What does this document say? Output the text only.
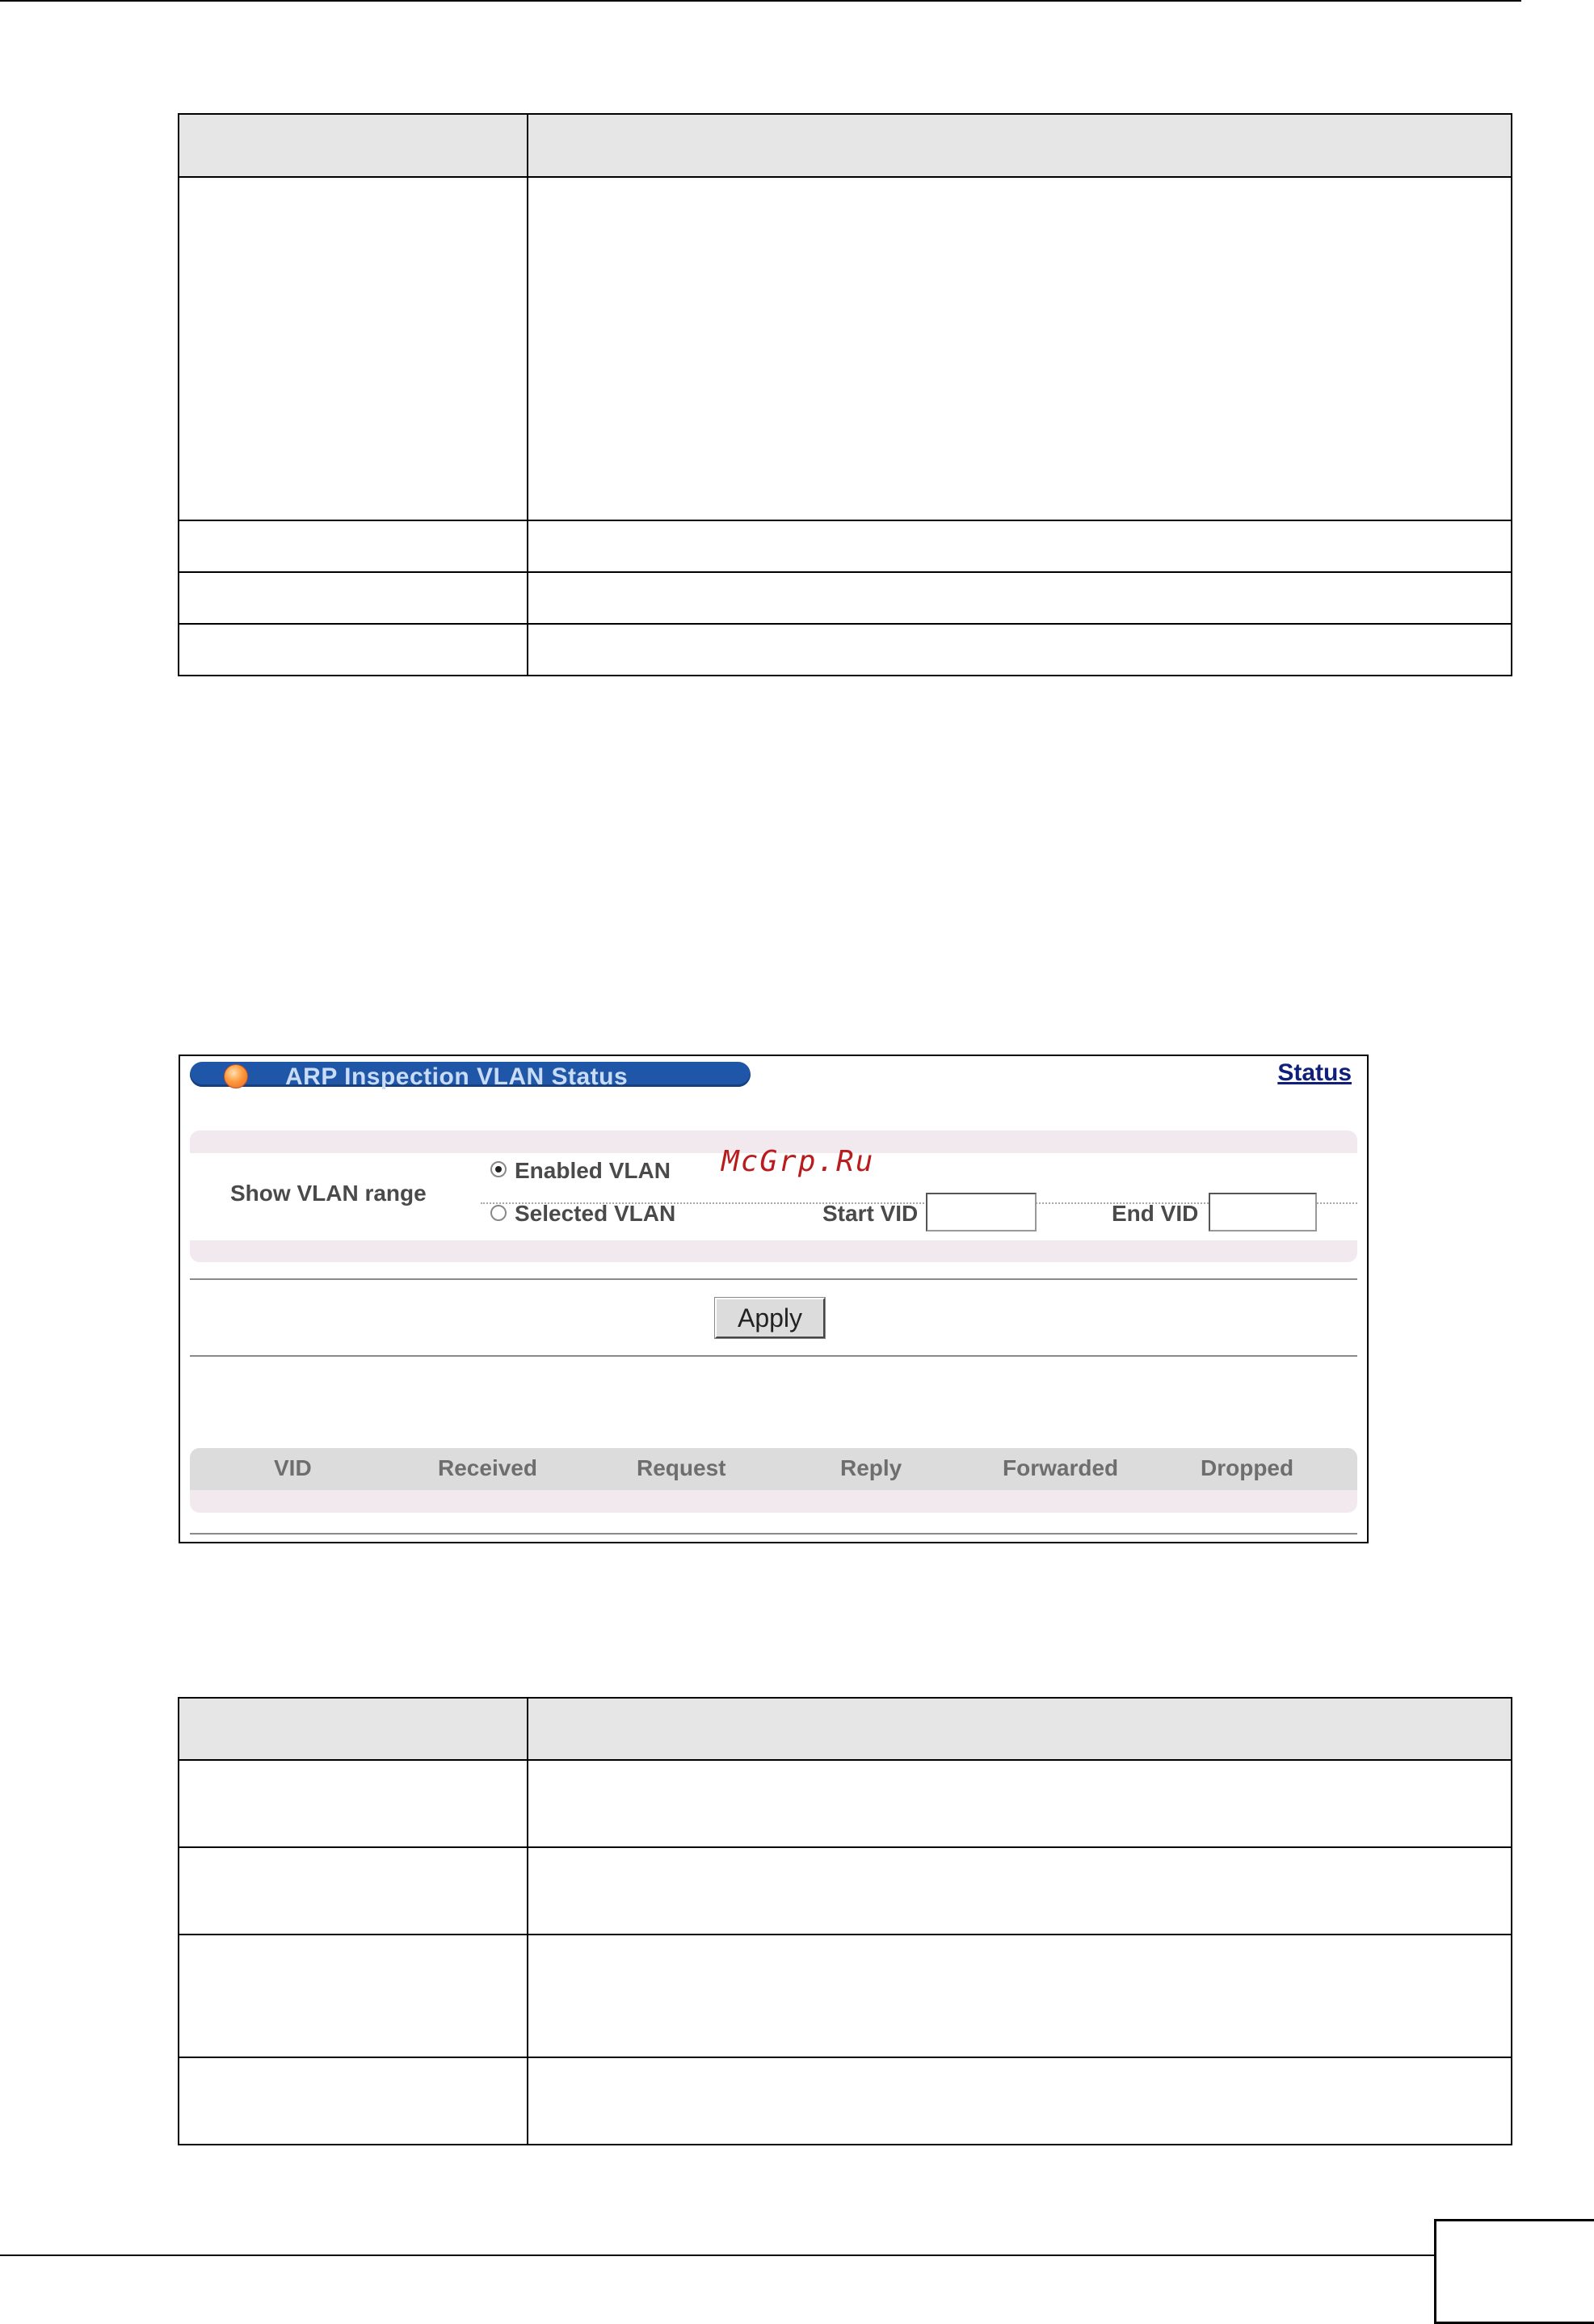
ARP Inspection VLAN Status	Status
Show VLAN range
Enabled VLAN
Selected VLAN	Start VID	End VID
Apply
VID	Received	Request	Reply	Forwarded	Dropped
McGrp.Ru
